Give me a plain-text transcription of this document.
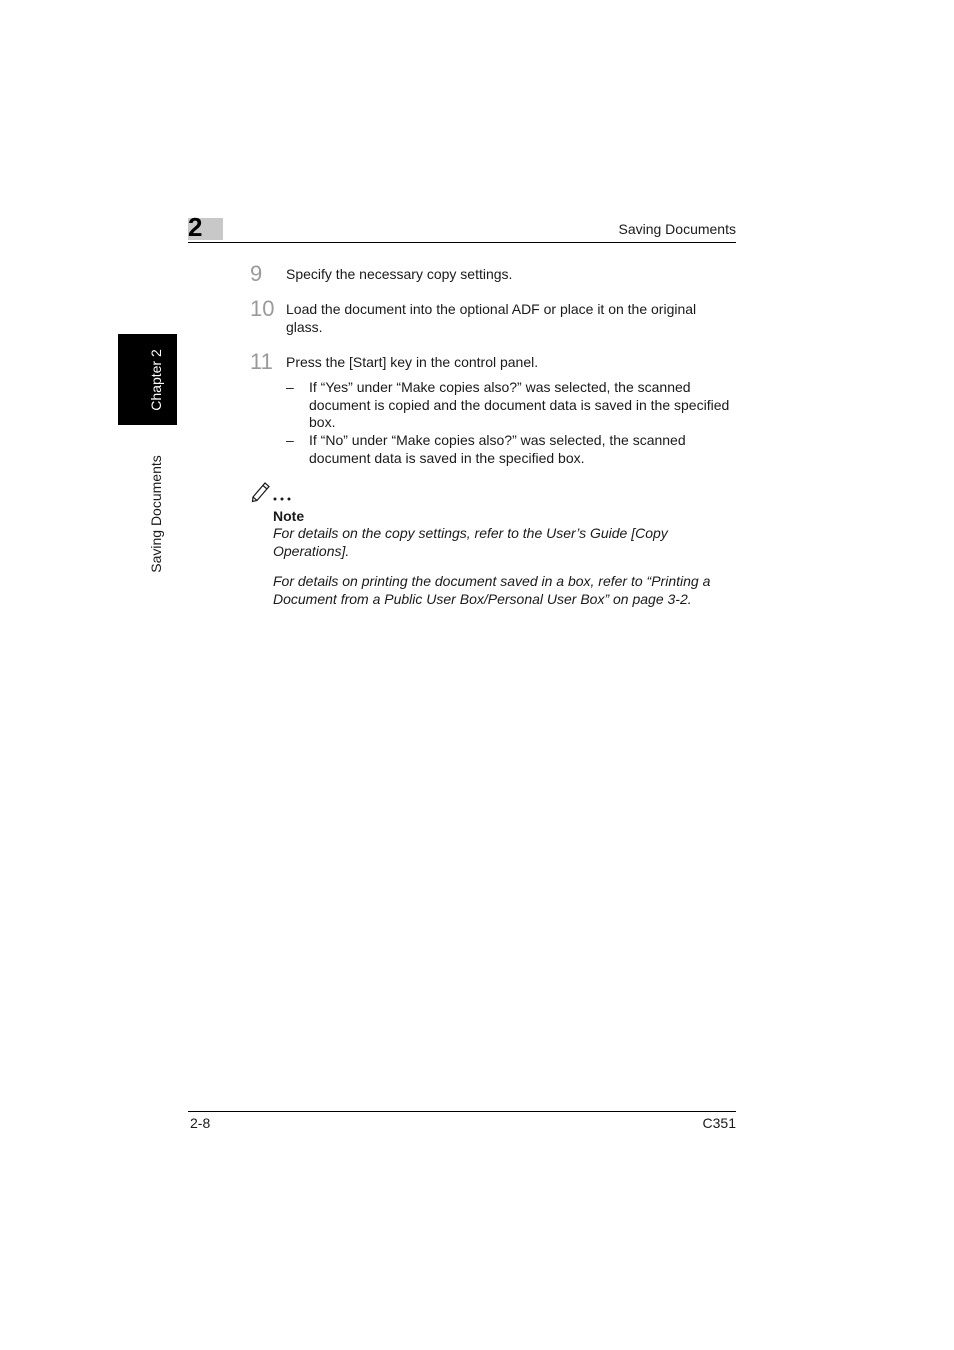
2	Saving Documents
Chapter 2
Saving Documents
9 Specify the necessary copy settings.
10 Load the document into the optional ADF or place it on the original glass.
11 Press the [Start] key in the control panel.
– If “Yes” under “Make copies also?” was selected, the scanned document is copied and the document data is saved in the specified box.
– If “No” under “Make copies also?” was selected, the scanned document data is saved in the specified box.
Note
For details on the copy settings, refer to the User’s Guide [Copy Operations].
For details on printing the document saved in a box, refer to “Printing a Document from a Public User Box/Personal User Box” on page 3-2.
2-8	C351
